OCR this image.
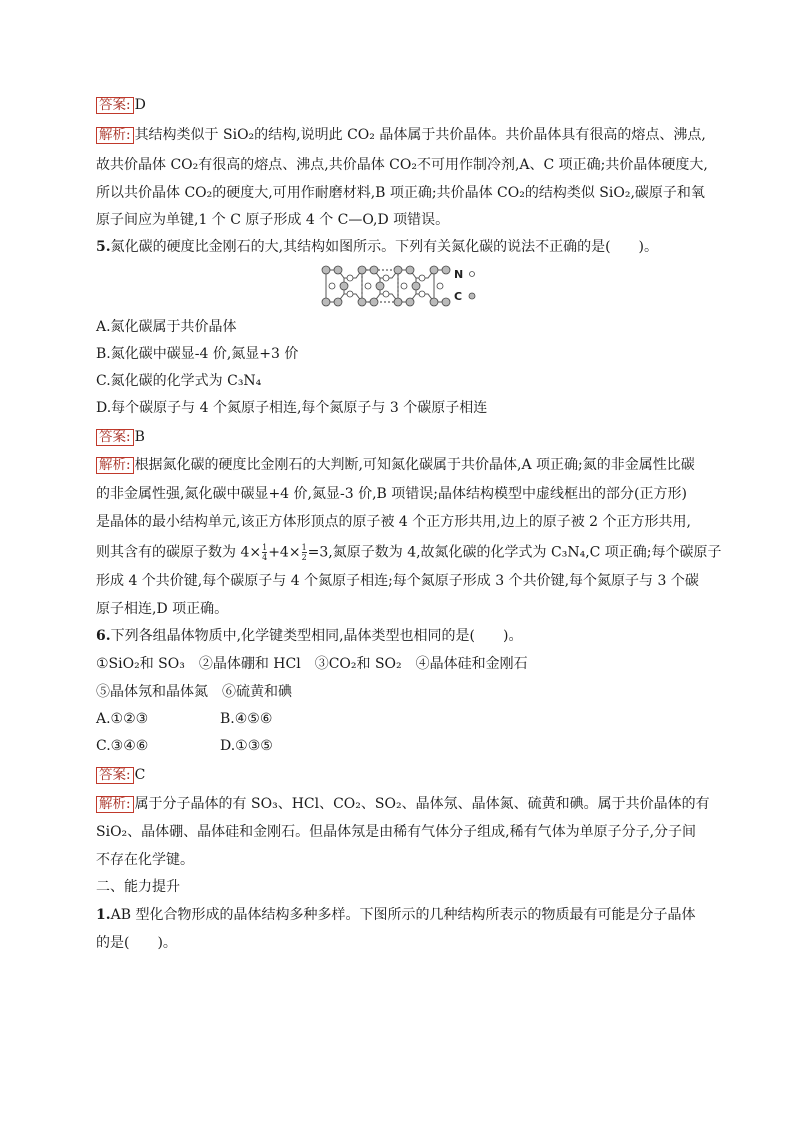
答案: D
解析: 其结构类似于 SiO₂的结构,说明此 CO₂ 晶体属于共价晶体。共价晶体具有很高的熔点、沸点,
故共价晶体 CO₂有很高的熔点、沸点,共价晶体 CO₂不可用作制冷剂,A、C 项正确;共价晶体硬度大,
所以共价晶体 CO₂的硬度大,可用作耐磨材料,B 项正确;共价晶体 CO₂的结构类似 SiO₂,碳原子和氧
原子间应为单键,1 个 C 原子形成 4 个 C—O,D 项错误。
5.氮化碳的硬度比金刚石的大,其结构如图所示。下列有关氮化碳的说法不正确的是(　　)。
N
C
A.氮化碳属于共价晶体
B.氮化碳中碳显-4 价,氮显+3 价
C.氮化碳的化学式为 C₃N₄
D.每个碳原子与 4 个氮原子相连,每个氮原子与 3 个碳原子相连
答案: B
解析: 根据氮化碳的硬度比金刚石的大判断,可知氮化碳属于共价晶体,A 项正确;氮的非金属性比碳
的非金属性强,氮化碳中碳显+4 价,氮显-3 价,B 项错误;晶体结构模型中虚线框出的部分(正方形)
是晶体的最小结构单元,该正方体形顶点的原子被 4 个正方形共用,边上的原子被 2 个正方形共用,
则其含有的碳原子数为 $4\times \frac{1}{4} +4\times \frac{1}{2} =3$,氮原子数为 4,故氮化碳的化学式为 C₃N₄,C 项正确;每个碳原子
形成 4 个共价键,每个碳原子与 4 个氮原子相连;每个氮原子形成 3 个共价键,每个氮原子与 3 个碳
原子相连,D 项正确。
6.下列各组晶体物质中,化学键类型相同,晶体类型也相同的是(　　)。
①SiO₂和 SO₃　②晶体硼和 HCl　③CO₂和 SO₂　④晶体硅和金刚石
⑤晶体氖和晶体氮　⑥硫黄和碘
A.①②③	B.④⑤⑥
C.③④⑥	D.①③⑤
答案: C
解析: 属于分子晶体的有 SO₃、HCl、CO₂、SO₂、晶体氖、晶体氮、硫黄和碘。属于共价晶体的有
SiO₂、晶体硼、晶体硅和金刚石。但晶体氖是由稀有气体分子组成,稀有气体为单原子分子,分子间
不存在化学键。
二、能力提升
1.AB 型化合物形成的晶体结构多种多样。下图所示的几种结构所表示的物质最有可能是分子晶体
的是(　　)。
